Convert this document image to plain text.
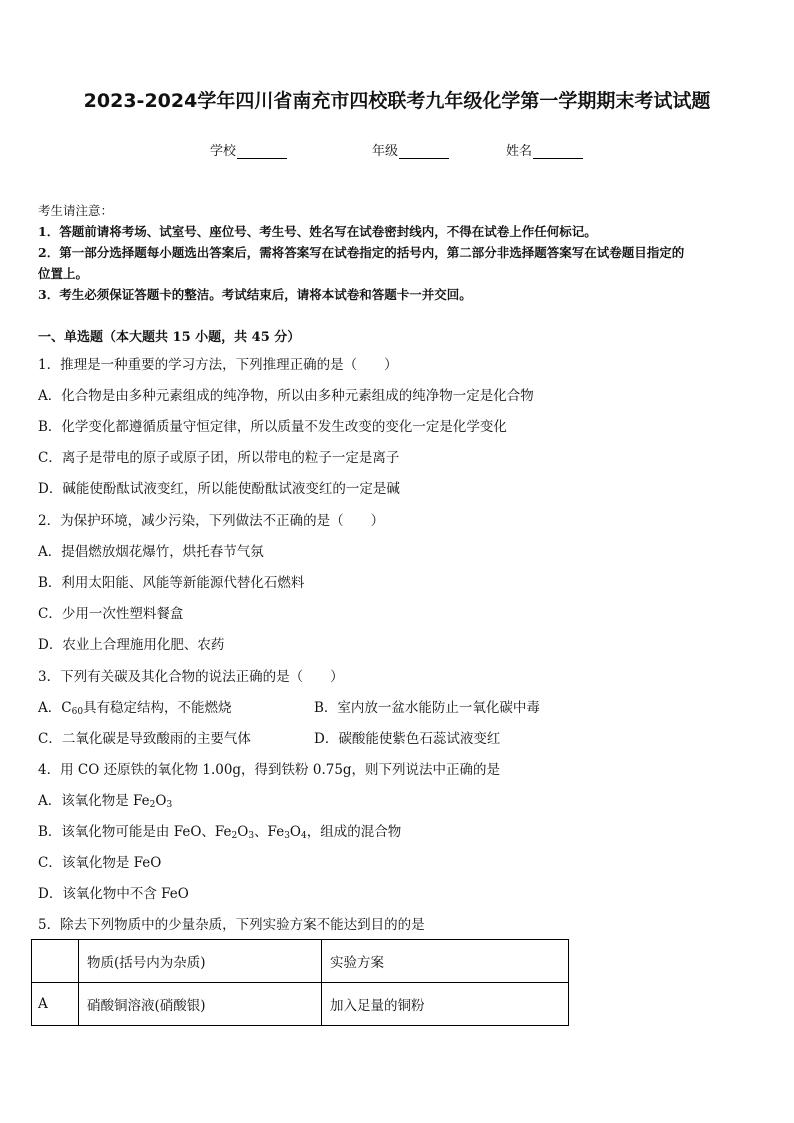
2023-2024学年四川省南充市四校联考九年级化学第一学期期末考试试题
学校	年级	姓名
考生请注意：
1．答题前请将考场、试室号、座位号、考生号、姓名写在试卷密封线内，不得在试卷上作任何标记。
2．第一部分选择题每小题选出答案后，需将答案写在试卷指定的括号内，第二部分非选择题答案写在试卷题目指定的
位置上。
3．考生必须保证答题卡的整洁。考试结束后，请将本试卷和答题卡一并交回。
一、单选题（本大题共 15 小题，共 45 分）
1．推理是一种重要的学习方法，下列推理正确的是（　　）
A．化合物是由多种元素组成的纯净物，所以由多种元素组成的纯净物一定是化合物
B．化学变化都遵循质量守恒定律，所以质量不发生改变的变化一定是化学变化
C．离子是带电的原子或原子团，所以带电的粒子一定是离子
D．碱能使酚酞试液变红，所以能使酚酞试液变红的一定是碱
2．为保护环境，减少污染，下列做法不正确的是（　　）
A．提倡燃放烟花爆竹，烘托春节气氛
B．利用太阳能、风能等新能源代替化石燃料
C．少用一次性塑料餐盒
D．农业上合理施用化肥、农药
3．下列有关碳及其化合物的说法正确的是（　　）
A．$C_{60}$具有稳定结构，不能燃烧	B．室内放一盆水能防止一氧化碳中毒
C．二氧化碳是导致酸雨的主要气体	D．碳酸能使紫色石蕊试液变红
4．用 CO 还原铁的氧化物 1.00g，得到铁粉 0.75g，则下列说法中正确的是
A．该氧化物是 $Fe_2O_3$
B．该氧化物可能是由 FeO、$Fe_2O_3$、$Fe_3O_4$，组成的混合物
C．该氧化物是 FeO
D．该氧化物中不含 FeO
5．除去下列物质中的少量杂质，下列实验方案不能达到目的的是
	物质(括号内为杂质)	实验方案
A	硝酸铜溶液(硝酸银)	加入足量的铜粉
